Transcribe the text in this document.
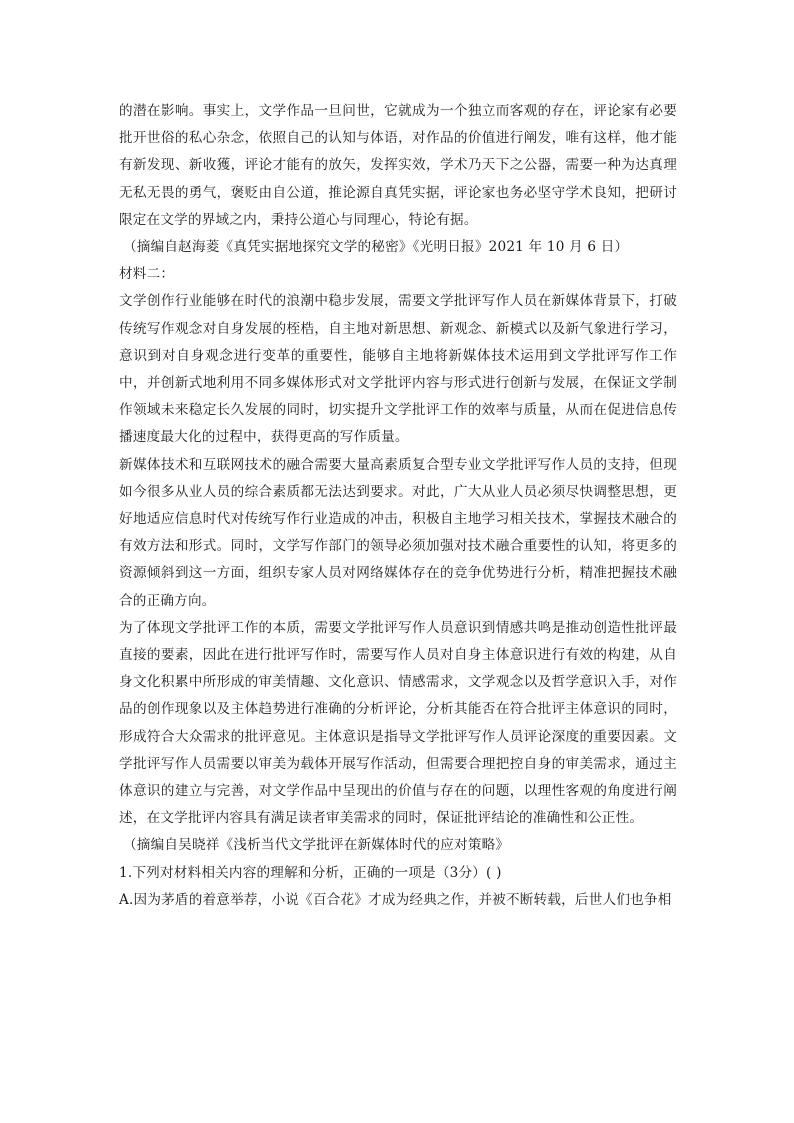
的潜在影响。事实上，文学作品一旦问世，它就成为一个独立而客观的存在，评论家有必要批开世俗的私心杂念，依照自己的认知与体语，对作品的价值进行阐发，唯有这样，他才能有新发现、新收獲，评论才能有的放矢，发挥实效，学术乃天下之公器，需要一种为达真理无私无畏的勇气，褒贬由自公道，推论源自真凭实据，评论家也务必坚守学术良知，把研讨限定在文学的界域之内，秉持公道心与同理心，特论有据。

（摘编自赵海菱《真凭实据地探究文学的秘密》《光明日报》2021 年 10 月 6 日）

材料二：

文学创作行业能够在时代的浪潮中稳步发展，需要文学批评写作人员在新媒体背景下，打破传统写作观念对自身发展的桎梏，自主地对新思想、新观念、新模式以及新气象进行学习，意识到对自身观念进行变革的重要性，能够自主地将新媒体技术运用到文学批评写作工作中，并创新式地利用不同多媒体形式对文学批评内容与形式进行创新与发展，在保证文学制作领域未来稳定长久发展的同时，切实提升文学批评工作的效率与质量，从而在促进信息传播速度最大化的过程中，获得更高的写作质量。

新媒体技术和互联网技术的融合需要大量高素质复合型专业文学批评写作人员的支持，但现如今很多从业人员的综合素质都无法达到要求。对此，广大从业人员必须尽快调整思想，更好地适应信息时代对传统写作行业造成的冲击，积极自主地学习相关技术，掌握技术融合的有效方法和形式。同时，文学写作部门的领导必须加强对技术融合重要性的认知，将更多的资源倾斜到这一方面，组织专家人员对网络媒体存在的竞争优势进行分析，精准把握技术融合的正确方向。

为了体现文学批评工作的本质，需要文学批评写作人员意识到情感共鸣是推动创造性批评最直接的要素，因此在进行批评写作时，需要写作人员对自身主体意识进行有效的构建，从自身文化积累中所形成的审美情趣、文化意识、情感需求，文学观念以及哲学意识入手，对作品的创作现象以及主体趋势进行准确的分析评论，分析其能否在符合批评主体意识的同时，形成符合大众需求的批评意见。主体意识是指导文学批评写作人员评论深度的重要因素。文学批评写作人员需要以审美为载体开展写作活动，但需要合理把控自身的审美需求，通过主体意识的建立与完善，对文学作品中呈现出的价值与存在的问题，以理性客观的角度进行阐述，在文学批评内容具有满足读者审美需求的同时，保证批评结论的准确性和公正性。

（摘编自吴晓祥《浅析当代文学批评在新媒体时代的应对策略》

1.下列对材料相关内容的理解和分析，正确的一项是（3分）( )

A.因为茅盾的着意举荐，小说《百合花》才成为经典之作，并被不断转载，后世人们也争相
